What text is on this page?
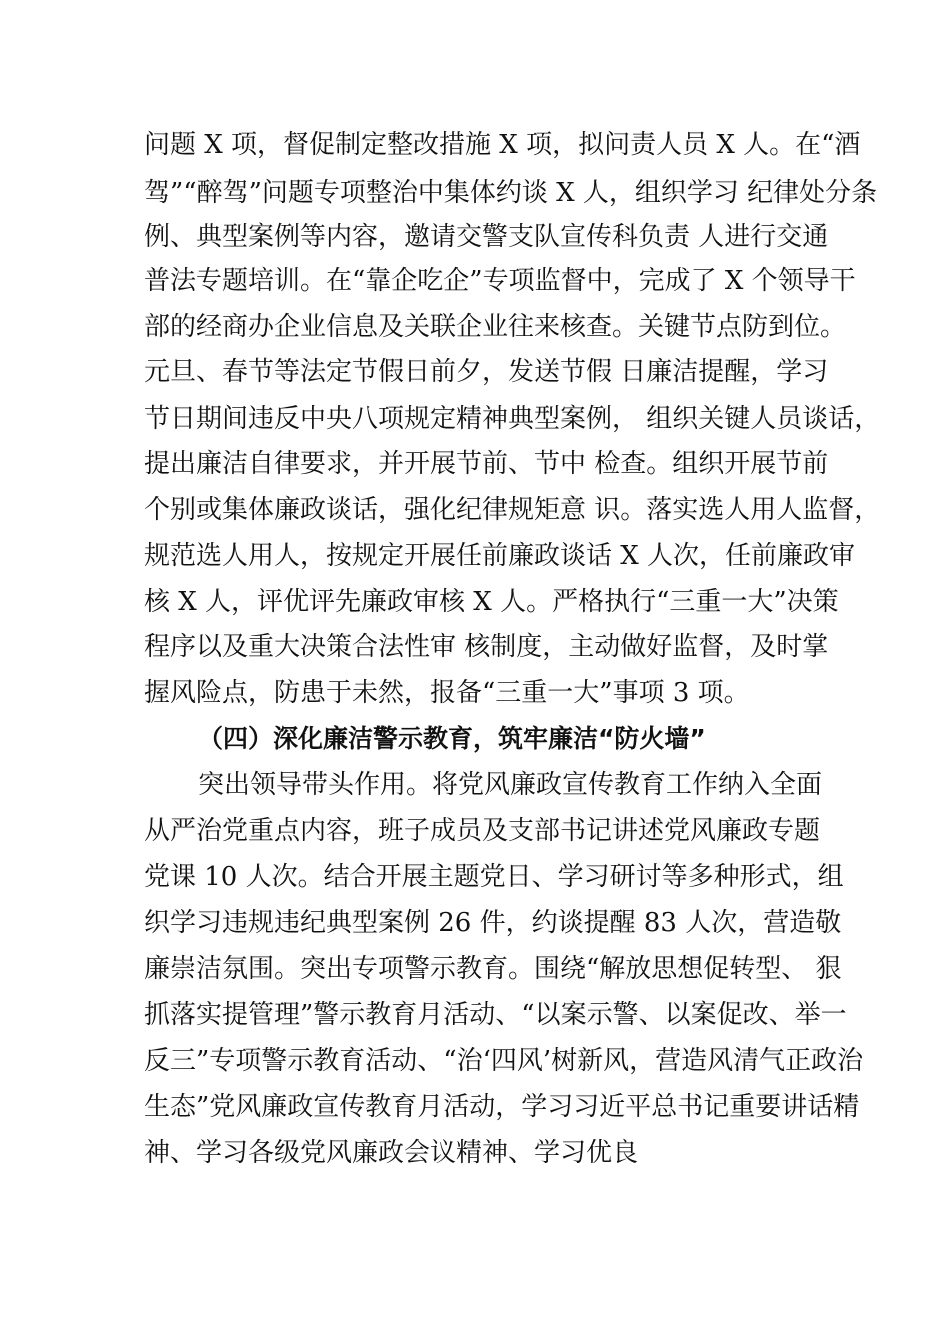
问题 X 项，督促制定整改措施 X 项，拟问责人员 X 人。在“酒
驾”“醉驾”问题专项整治中集体约谈 X 人，组织学习 纪律处分条
例、典型案例等内容，邀请交警支队宣传科负责 人进行交通
普法专题培训。在“靠企吃企”专项监督中，完成了 X 个领导干
部的经商办企业信息及关联企业往来核查。关键节点防到位。
元旦、春节等法定节假日前夕，发送节假 日廉洁提醒，学习
节日期间违反中央八项规定精神典型案例， 组织关键人员谈话，
提出廉洁自律要求，并开展节前、节中 检查。组织开展节前
个别或集体廉政谈话，强化纪律规矩意 识。落实选人用人监督，
规范选人用人，按规定开展任前廉政谈话 X 人次，任前廉政审
核 X 人，评优评先廉政审核 X 人。严格执行“三重一大”决策
程序以及重大决策合法性审 核制度，主动做好监督，及时掌
握风险点，防患于未然，报备“三重一大”事项 3 项。
（四）深化廉洁警示教育，筑牢廉洁“防火墙”
突出领导带头作用。将党风廉政宣传教育工作纳入全面
从严治党重点内容，班子成员及支部书记讲述党风廉政专题
党课 10 人次。结合开展主题党日、学习研讨等多种形式，组
织学习违规违纪典型案例 26 件，约谈提醒 83 人次，营造敬
廉崇洁氛围。突出专项警示教育。围绕“解放思想促转型、 狠
抓落实提管理”警示教育月活动、“以案示警、以案促改、举一
反三”专项警示教育活动、“治‘四风’树新风，营造风清气正政治
生态”党风廉政宣传教育月活动，学习习近平总书记重要讲话精
神、学习各级党风廉政会议精神、学习优良
